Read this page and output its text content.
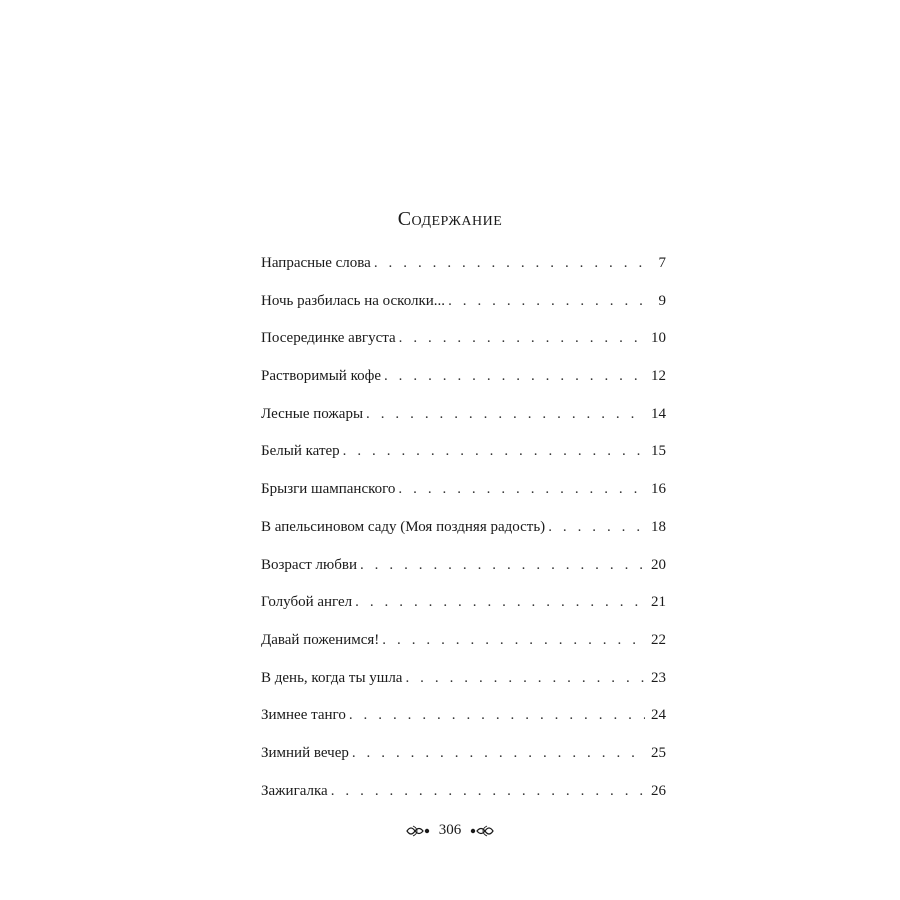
Содержание
Напрасные слова . . .	7
Ночь разбилась на осколки... . . .	9
Посерединке августа . . .	10
Растворимый кофе . . .	12
Лесные пожары . . .	14
Белый катер . . .	15
Брызги шампанского . . .	16
В апельсиновом саду (Моя поздняя радость) . . .	18
Возраст любви . . .	20
Голубой ангел . . .	21
Давай поженимся! . . .	22
В день, когда ты ушла . . .	23
Зимнее танго . . .	24
Зимний вечер . . .	25
Зажигалка . . .	26
306
